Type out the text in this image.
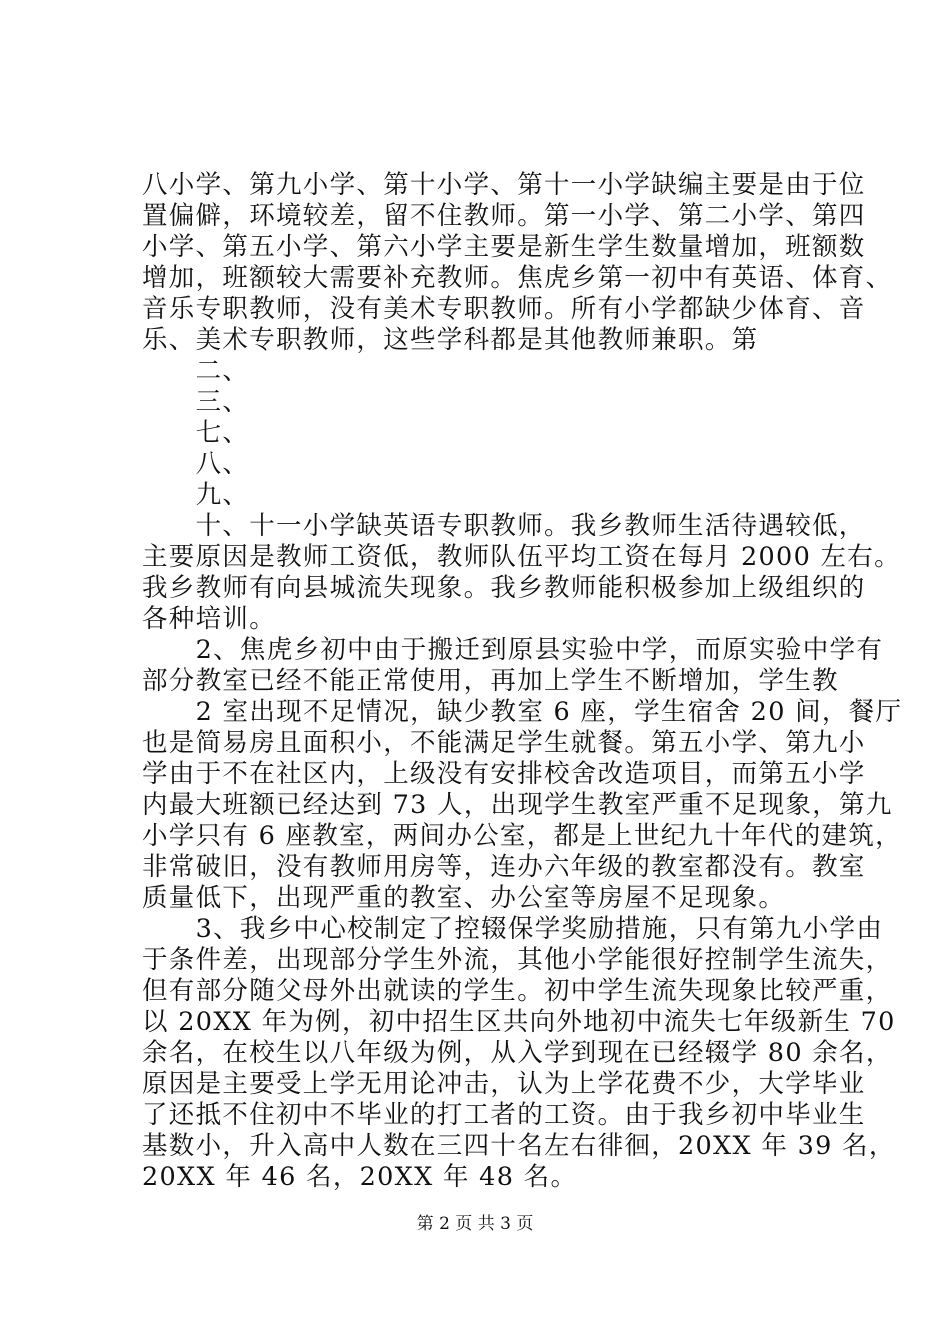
八小学、第九小学、第十小学、第十一小学缺编主要是由于位
置偏僻，环境较差，留不住教师。第一小学、第二小学、第四
小学、第五小学、第六小学主要是新生学生数量增加，班额数
增加，班额较大需要补充教师。焦虎乡第一初中有英语、体育、
音乐专职教师，没有美术专职教师。所有小学都缺少体育、音
乐、美术专职教师，这些学科都是其他教师兼职。第
　　二、
　　三、
　　七、
　　八、
　　九、
　　十、十一小学缺英语专职教师。我乡教师生活待遇较低，
主要原因是教师工资低，教师队伍平均工资在每月 2000 左右。
我乡教师有向县城流失现象。我乡教师能积极参加上级组织的
各种培训。
　　2、焦虎乡初中由于搬迁到原县实验中学，而原实验中学有
部分教室已经不能正常使用，再加上学生不断增加，学生教
　　2 室出现不足情况，缺少教室 6 座，学生宿舍 20 间，餐厅
也是简易房且面积小，不能满足学生就餐。第五小学、第九小
学由于不在社区内，上级没有安排校舍改造项目，而第五小学
内最大班额已经达到 73 人，出现学生教室严重不足现象，第九
小学只有 6 座教室，两间办公室，都是上世纪九十年代的建筑，
非常破旧，没有教师用房等，连办六年级的教室都没有。教室
质量低下，出现严重的教室、办公室等房屋不足现象。
　　3、我乡中心校制定了控辍保学奖励措施，只有第九小学由
于条件差，出现部分学生外流，其他小学能很好控制学生流失，
但有部分随父母外出就读的学生。初中学生流失现象比较严重，
以 20XX 年为例，初中招生区共向外地初中流失七年级新生 70
余名，在校生以八年级为例，从入学到现在已经辍学 80 余名，
原因是主要受上学无用论冲击，认为上学花费不少，大学毕业
了还抵不住初中不毕业的打工者的工资。由于我乡初中毕业生
基数小，升入高中人数在三四十名左右徘徊，20XX 年 39 名，
20XX 年 46 名，20XX 年 48 名。
第 2 页 共 3 页
